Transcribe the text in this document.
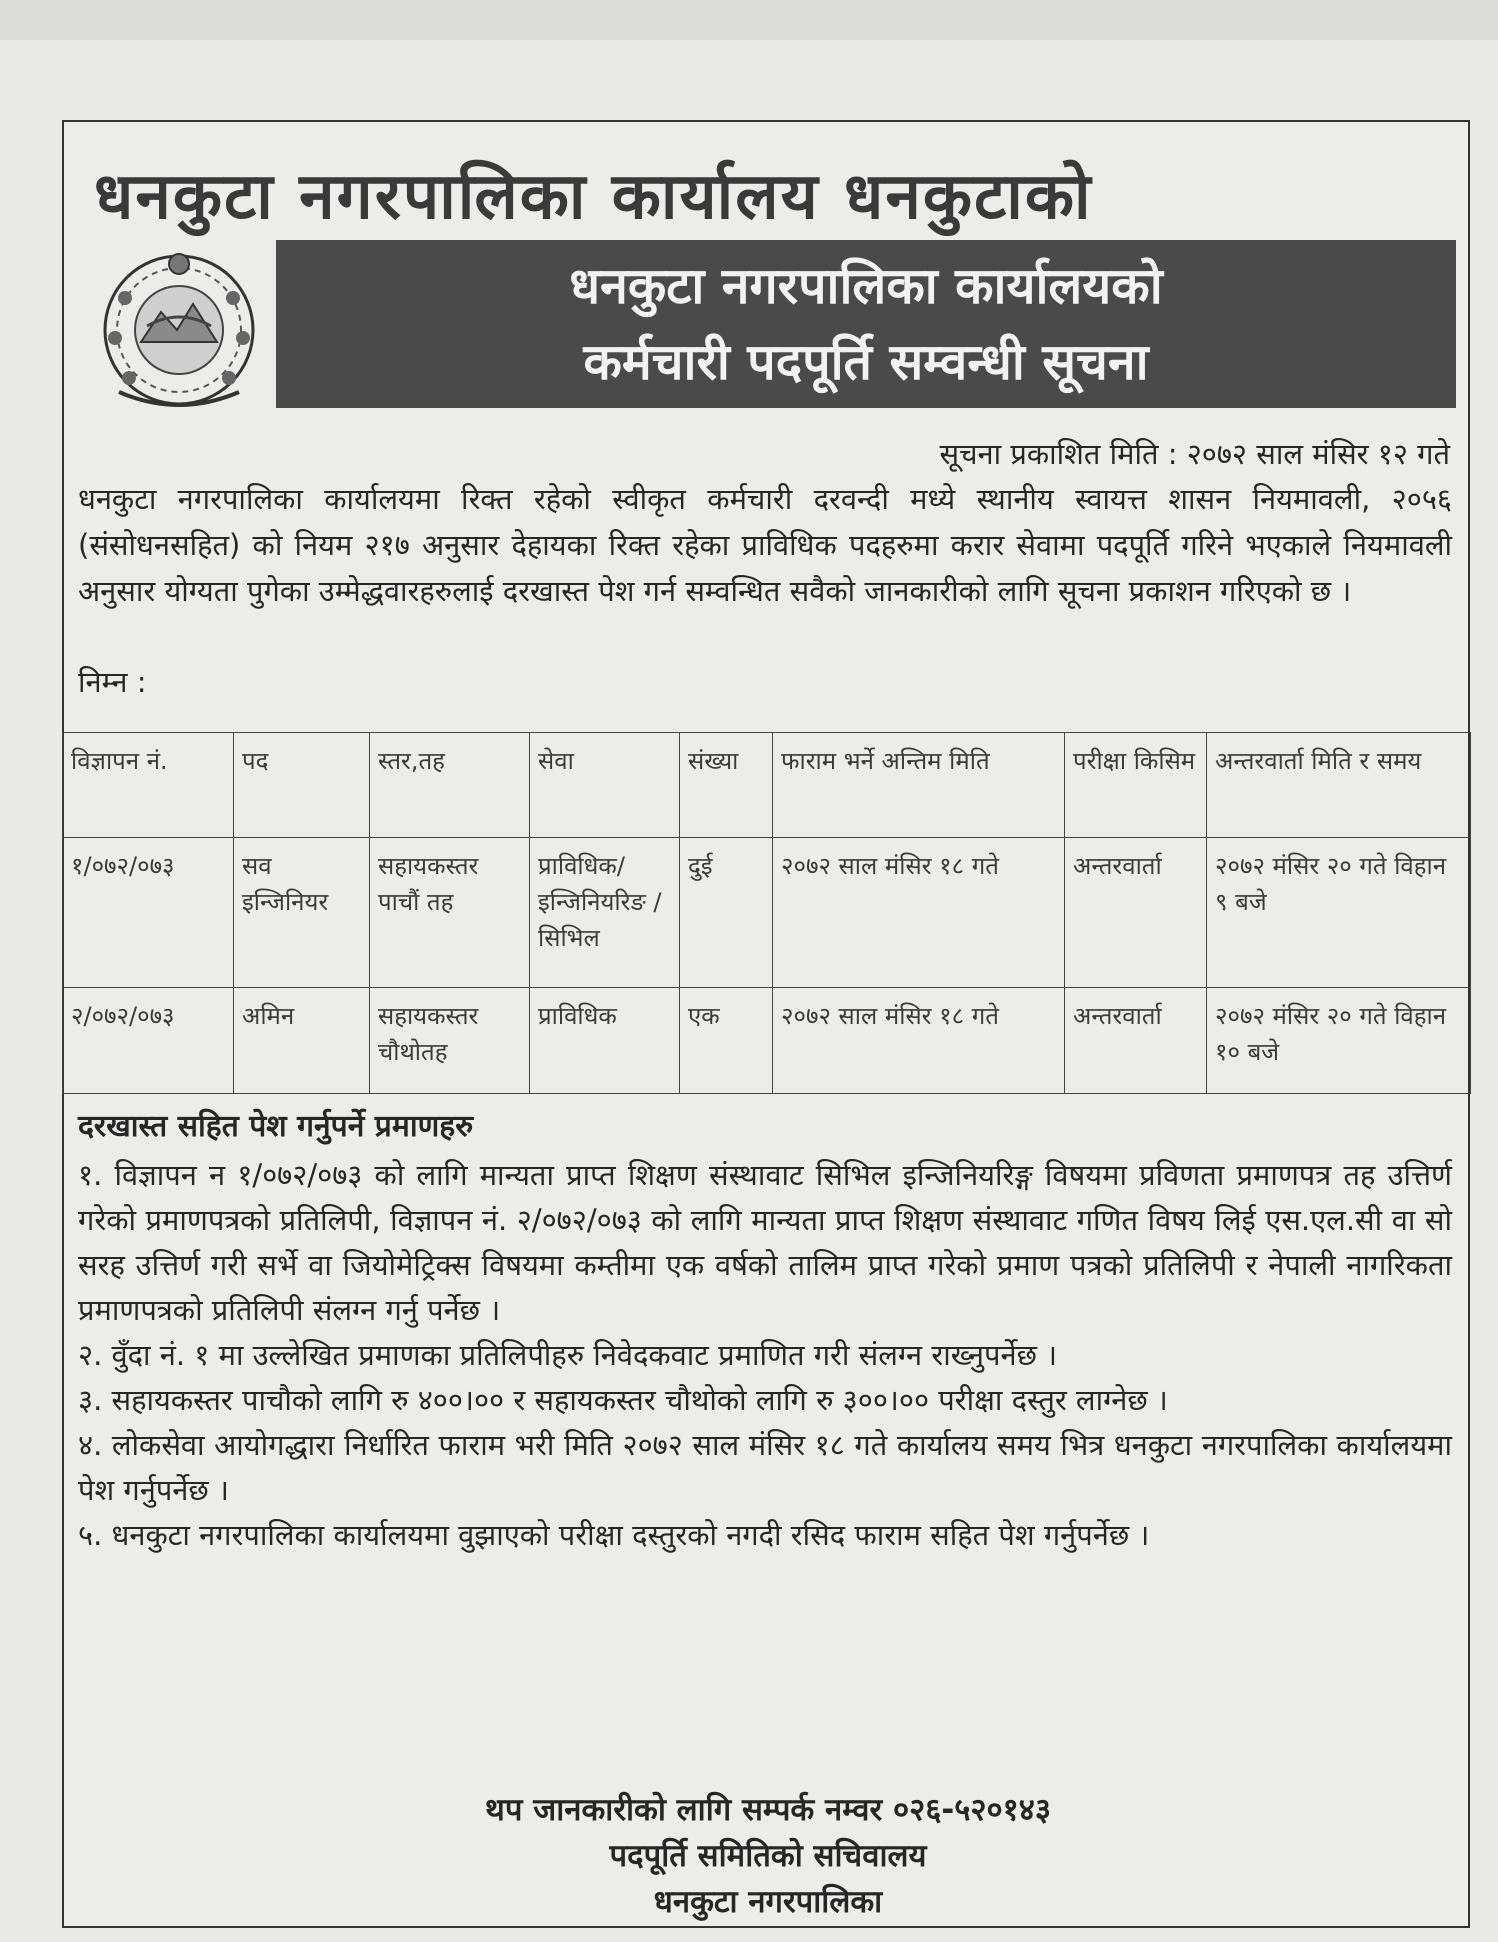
धनकुटा नगरपालिका कार्यालय धनकुटाको
धनकुटा नगरपालिका कार्यालयको
कर्मचारी पदपूर्ति सम्वन्धी सूचना
सूचना प्रकाशित मिति : २०७२ साल मंसिर १२ गते

धनकुटा नगरपालिका कार्यालयमा रिक्त रहेको स्वीकृत कर्मचारी दरवन्दी मध्ये स्थानीय स्वायत्त शासन नियमावली, २०५६ (संसोधनसहित) को नियम २१७ अनुसार देहायका रिक्त रहेका प्राविधिक पदहरुमा करार सेवामा पदपूर्ति गरिने भएकाले नियमावली अनुसार योग्यता पुगेका उम्मेद्धवारहरुलाई दरखास्त पेश गर्न सम्वन्धित सवैको जानकारीको लागि सूचना प्रकाशन गरिएको छ ।

निम्न :
विज्ञापन नं.	पद	स्तर,तह	सेवा	संख्या	फाराम भर्ने अन्तिम मिति	परीक्षा किसिम	अन्तरवार्ता मिति र समय
१/०७२/०७३	सव इन्जिनियर	सहायकस्तर पाचौं तह	प्राविधिक/ इन्जिनियरिङ /सिभिल	दुई	२०७२ साल मंसिर १८ गते	अन्तरवार्ता	२०७२ मंसिर २० गते विहान ९ बजे
२/०७२/०७३	अमिन	सहायकस्तर चौथोतह	प्राविधिक	एक	२०७२ साल मंसिर १८ गते	अन्तरवार्ता	२०७२ मंसिर २० गते विहान १० बजे
दरखास्त सहित पेश गर्नुपर्ने प्रमाणहरु

१. विज्ञापन न १/०७२/०७३ को लागि मान्यता प्राप्त शिक्षण संस्थावाट सिभिल इन्जिनियरिङ्ग विषयमा प्रविणता प्रमाणपत्र तह उत्तिर्ण गरेको प्रमाणपत्रको प्रतिलिपी, विज्ञापन नं. २/०७२/०७३ को लागि मान्यता प्राप्त शिक्षण संस्थावाट गणित विषय लिई एस.एल.सी वा सो सरह उत्तिर्ण गरी सर्भे वा जियोमेट्रिक्स विषयमा कम्तीमा एक वर्षको तालिम प्राप्त गरेको प्रमाण पत्रको प्रतिलिपी र नेपाली नागरिकता प्रमाणपत्रको प्रतिलिपी संलग्न गर्नु पर्नेछ ।

२. वुँदा नं. १ मा उल्लेखित प्रमाणका प्रतिलिपीहरु निवेदकवाट प्रमाणित गरी संलग्न राख्नुपर्नेछ ।

३. सहायकस्तर पाचौको लागि रु ४००।०० र सहायकस्तर चौथोको लागि रु ३००।०० परीक्षा दस्तुर लाग्नेछ ।

४. लोकसेवा आयोगद्धारा निर्धारित फाराम भरी मिति २०७२ साल मंसिर १८ गते कार्यालय समय भित्र धनकुटा नगरपालिका कार्यालयमा पेश गर्नुपर्नेछ ।

५. धनकुटा नगरपालिका कार्यालयमा वुझाएको परीक्षा दस्तुरको नगदी रसिद फाराम सहित पेश गर्नुपर्नेछ ।

थप जानकारीको लागि सम्पर्क नम्वर ०२६-५२०१४३
पदपूर्ति समितिको सचिवालय
धनकुटा नगरपालिका
